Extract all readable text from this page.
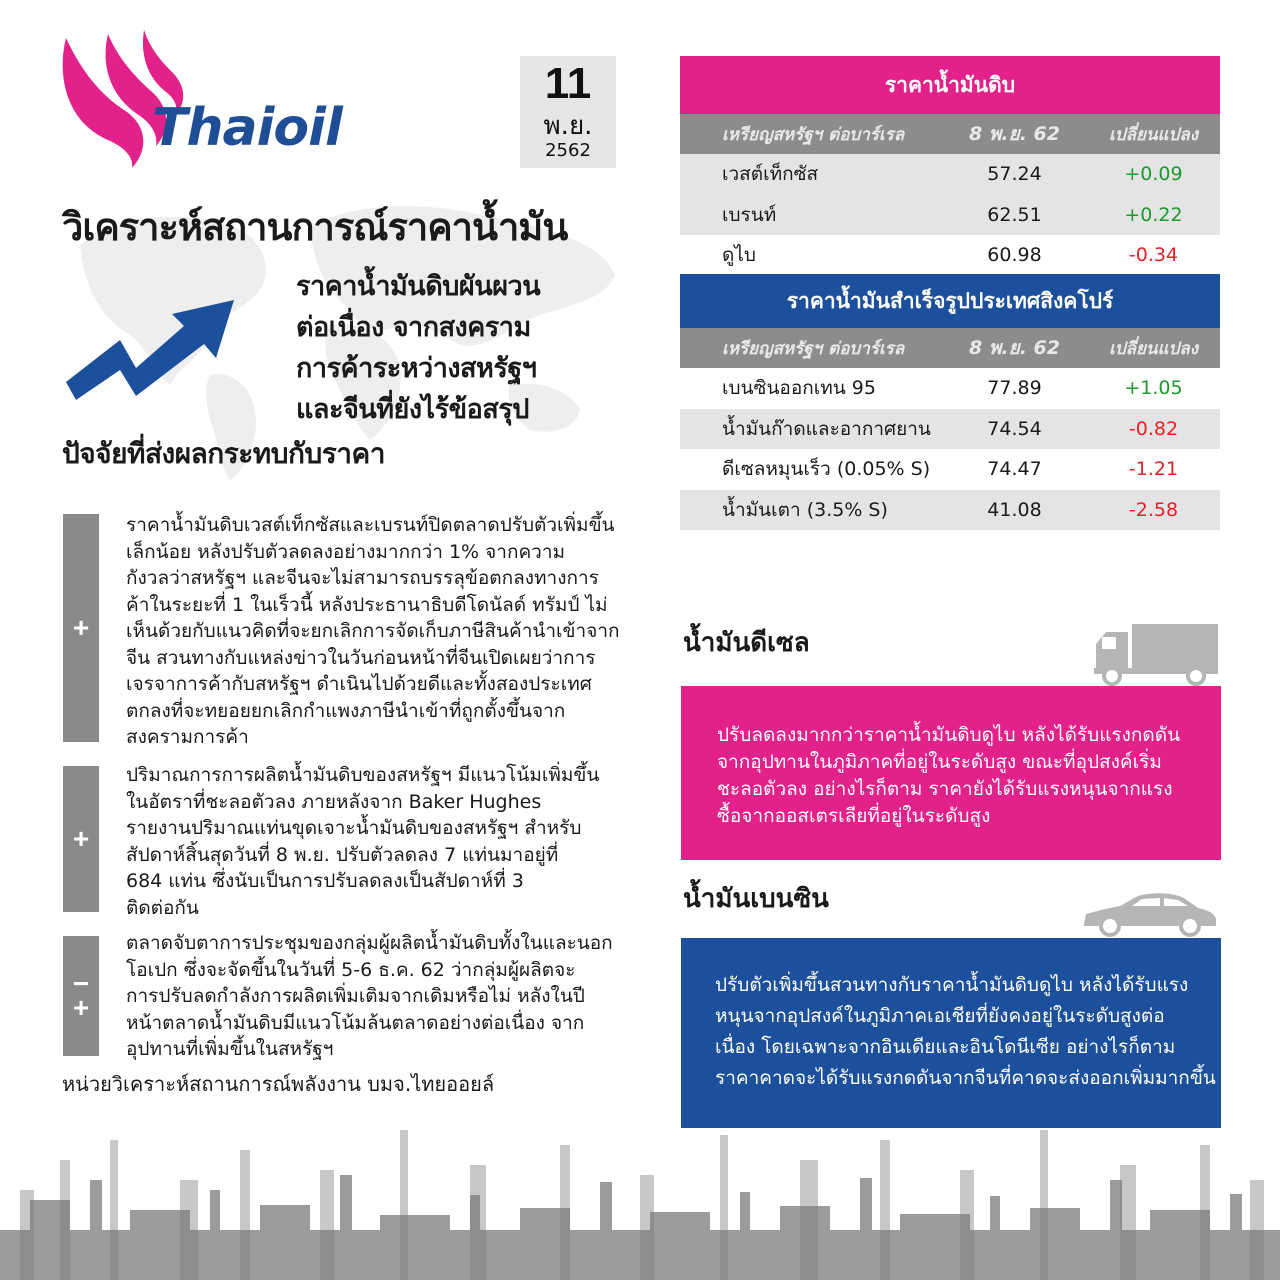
Thaioil
11
พ.ย.
2562
วิเคราะห์สถานการณ์ราคาน้ำมัน
ราคาน้ำมันดิบผันผวน
ต่อเนื่อง จากสงคราม
การค้าระหว่างสหรัฐฯ
และจีนที่ยังไร้ข้อสรุป
ปัจจัยที่ส่งผลกระทบกับราคา
+
ราคาน้ำมันดิบเวสต์เท็กซัสและเบรนท์ปิดตลาดปรับตัวเพิ่มขึ้น
เล็กน้อย หลังปรับตัวลดลงอย่างมากกว่า 1% จากความ
กังวลว่าสหรัฐฯ และจีนจะไม่สามารถบรรลุข้อตกลงทางการ
ค้าในระยะที่ 1 ในเร็วนี้ หลังประธานาธิบดีโดนัลด์ ทรัมป์ ไม่
เห็นด้วยกับแนวคิดที่จะยกเลิกการจัดเก็บภาษีสินค้านำเข้าจาก
จีน สวนทางกับแหล่งข่าวในวันก่อนหน้าที่จีนเปิดเผยว่าการ
เจรจาการค้ากับสหรัฐฯ ดำเนินไปด้วยดีและทั้งสองประเทศ
ตกลงที่จะทยอยยกเลิกกำแพงภาษีนำเข้าที่ถูกตั้งขึ้นจาก
สงครามการค้า
+
ปริมาณการการผลิตน้ำมันดิบของสหรัฐฯ มีแนวโน้มเพิ่มขึ้น
ในอัตราที่ชะลอตัวลง ภายหลังจาก Baker Hughes
รายงานปริมาณแท่นขุดเจาะน้ำมันดิบของสหรัฐฯ สำหรับ
สัปดาห์สิ้นสุดวันที่ 8 พ.ย. ปรับตัวลดลง 7 แท่นมาอยู่ที่
684 แท่น ซึ่งนับเป็นการปรับลดลงเป็นสัปดาห์ที่ 3
ติดต่อกัน
−
+
ตลาดจับตาการประชุมของกลุ่มผู้ผลิตน้ำมันดิบทั้งในและนอก
โอเปก ซึ่งจะจัดขึ้นในวันที่ 5-6 ธ.ค. 62 ว่ากลุ่มผู้ผลิตจะ
การปรับลดกำลังการผลิตเพิ่มเติมจากเดิมหรือไม่ หลังในปี
หน้าตลาดน้ำมันดิบมีแนวโน้มล้นตลาดอย่างต่อเนื่อง จาก
อุปทานที่เพิ่มขึ้นในสหรัฐฯ
หน่วยวิเคราะห์สถานการณ์พลังงาน บมจ.ไทยออยล์
ราคาน้ำมันดิบ
เหรียญสหรัฐฯ ต่อบาร์เรล	8 พ.ย. 62	เปลี่ยนแปลง
เวสต์เท็กซัส	57.24	+0.09
เบรนท์	62.51	+0.22
ดูไบ	60.98	-0.34
ราคาน้ำมันสำเร็จรูปประเทศสิงคโปร์
เหรียญสหรัฐฯ ต่อบาร์เรล	8 พ.ย. 62	เปลี่ยนแปลง
เบนซินออกเทน 95	77.89	+1.05
น้ำมันก๊าดและอากาศยาน	74.54	-0.82
ดีเซลหมุนเร็ว (0.05% S)	74.47	-1.21
น้ำมันเตา (3.5% S)	41.08	-2.58
น้ำมันดีเซล
ปรับลดลงมากกว่าราคาน้ำมันดิบดูไบ หลังได้รับแรงกดดัน
จากอุปทานในภูมิภาคที่อยู่ในระดับสูง ขณะที่อุปสงค์เริ่ม
ชะลอตัวลง อย่างไรก็ตาม ราคายังได้รับแรงหนุนจากแรง
ซื้อจากออสเตรเลียที่อยู่ในระดับสูง
น้ำมันเบนซิน
ปรับตัวเพิ่มขึ้นสวนทางกับราคาน้ำมันดิบดูไบ หลังได้รับแรง
หนุนจากอุปสงค์ในภูมิภาคเอเชียที่ยังคงอยู่ในระดับสูงต่อ
เนื่อง โดยเฉพาะจากอินเดียและอินโดนีเซีย อย่างไรก็ตาม
ราคาคาดจะได้รับแรงกดดันจากจีนที่คาดจะส่งออกเพิ่มมากขึ้น
